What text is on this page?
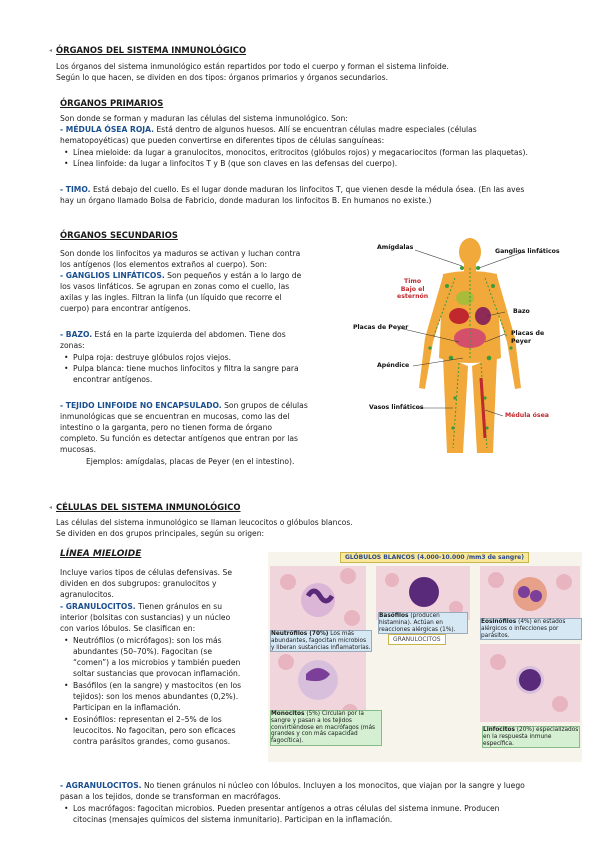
◂ ÓRGANOS DEL SISTEMA INMUNOLÓGICO
Los órganos del sistema inmunológico están repartidos por todo el cuerpo y forman el sistema linfoide.
Según lo que hacen, se dividen en dos tipos: órganos primarios y órganos secundarios.
ÓRGANOS PRIMARIOS
Son donde se forman y maduran las células del sistema inmunológico. Son:
- MÉDULA ÓSEA ROJA. Está dentro de algunos huesos. Allí se encuentran células madre especiales (células
hematopoyéticas) que pueden convertirse en diferentes tipos de células sanguíneas:
• Línea mieloide: da lugar a granulocitos, monocitos, eritrocitos (glóbulos rojos) y megacariocitos (forman las plaquetas).
• Línea linfoide: da lugar a linfocitos T y B (que son claves en las defensas del cuerpo).
- TIMO. Está debajo del cuello. Es el lugar donde maduran los linfocitos T, que vienen desde la médula ósea. (En las aves
hay un órgano llamado Bolsa de Fabricio, donde maduran los linfocitos B. En humanos no existe.)
ÓRGANOS SECUNDARIOS
Son donde los linfocitos ya maduros se activan y luchan contra
los antígenos (los elementos extraños al cuerpo). Son:
- GANGLIOS LINFÁTICOS. Son pequeños y están a lo largo de
los vasos linfáticos. Se agrupan en zonas como el cuello, las
axilas y las ingles. Filtran la linfa (un líquido que recorre el
cuerpo) para encontrar antígenos.
- BAZO. Está en la parte izquierda del abdomen. Tiene dos
zonas:
• Pulpa roja: destruye glóbulos rojos viejos.
• Pulpa blanca: tiene muchos linfocitos y filtra la sangre para
encontrar antígenos.
- TEJIDO LINFOIDE NO ENCAPSULADO. Son grupos de células
inmunológicas que se encuentran en mucosas, como las del
intestino o la garganta, pero no tienen forma de órgano
completo. Su función es detectar antígenos que entran por las
mucosas.
Ejemplos: amígdalas, placas de Peyer (en el intestino).
Amígdalas
Ganglios linfáticos
Timo
Bajo el
esternón
Bazo
Placas de Peyer
Placas de
Peyer
Apéndice
Vasos linfáticos
Médula ósea
◂ CÉLULAS DEL SISTEMA INMUNOLÓGICO
Las células del sistema inmunológico se llaman leucocitos o glóbulos blancos.
Se dividen en dos grupos principales, según su origen:
LÍNEA MIELOIDE
Incluye varios tipos de células defensivas. Se
dividen en dos subgrupos: granulocitos y
agranulocitos.
- GRANULOCITOS. Tienen gránulos en su
interior (bolsitas con sustancias) y un núcleo
con varios lóbulos. Se clasifican en:
• Neutrófilos (o micrófagos): son los más
abundantes (50–70%). Fagocitan (se
“comen”) a los microbios y también pueden
soltar sustancias que provocan inflamación.
• Basófilos (en la sangre) y mastocitos (en los
tejidos): son los menos abundantes (0,2%).
Participan en la inflamación.
• Eosinófilos: representan el 2–5% de los
leucocitos. No fagocitan, pero son eficaces
contra parásitos grandes, como gusanos.
GLÓBULOS BLANCOS (4.000-10.000 /mm3 de sangre)
Neutrófilos (70%) Los más abundantes, fagocitan microbios y liberan sustancias inflamatorias.
Basófilos (producen histamina). Actúan en reacciones alérgicas (1%).
Eosinófilos (4%) en estados alérgicos o infecciones por parásitos.
GRANULOCITOS
Monocitos (5%) Circulan por la sangre y pasan a los tejidos convirtiéndose en macrófagos (más grandes y con más capacidad fagocítica).
Linfocitos (20%) especializados en la respuesta inmune específica.
- AGRANULOCITOS. No tienen gránulos ni núcleo con lóbulos. Incluyen a los monocitos, que viajan por la sangre y luego
pasan a los tejidos, donde se transforman en macrófagos.
• Los macrófagos: fagocitan microbios. Pueden presentar antígenos a otras células del sistema inmune. Producen
citocinas (mensajes químicos del sistema inmunitario). Participan en la inflamación.
